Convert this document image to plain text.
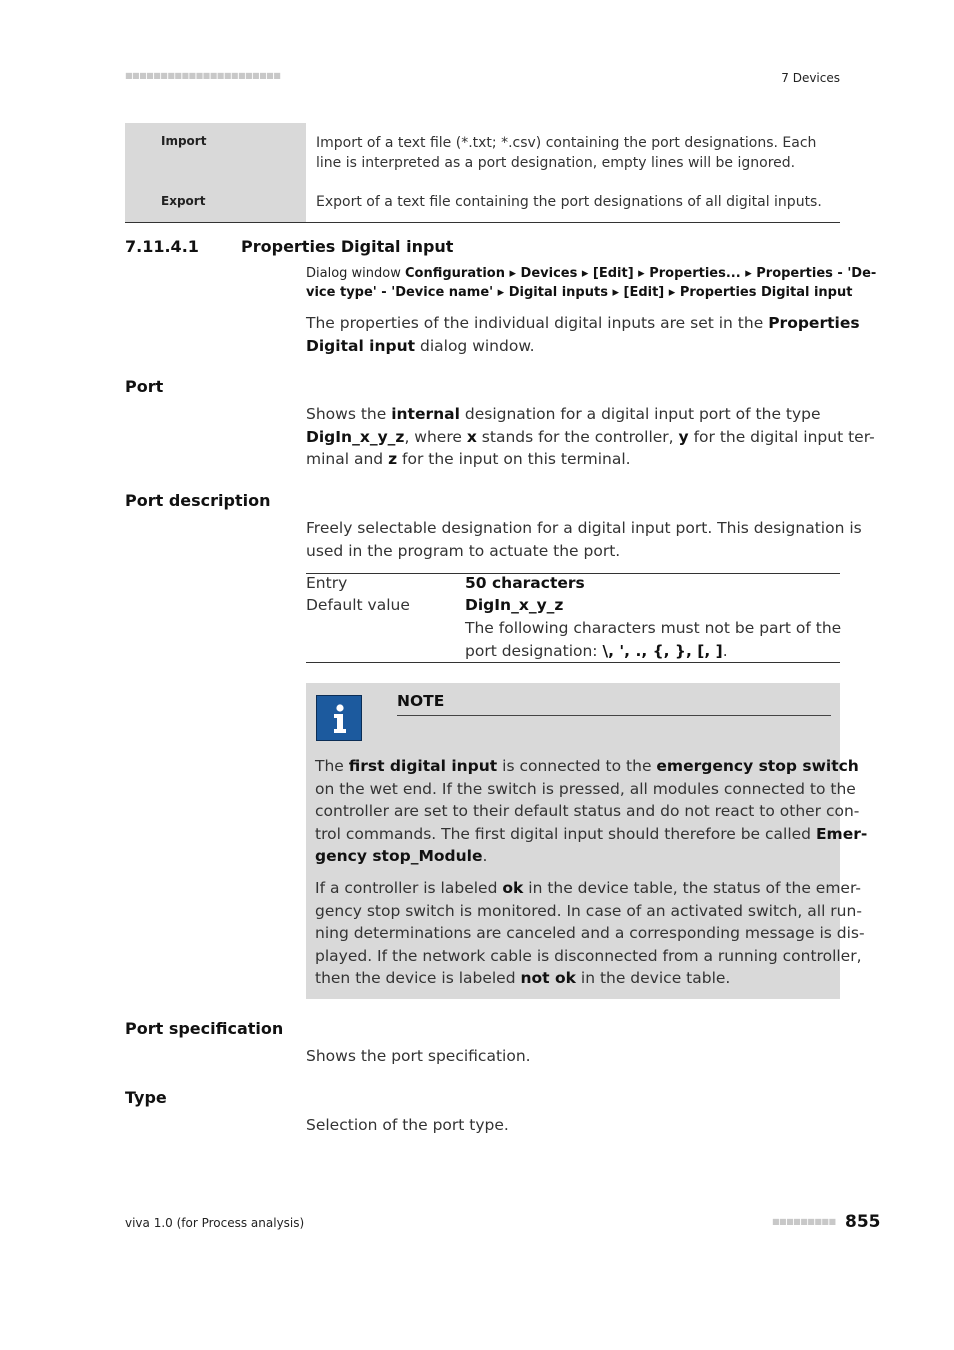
■■■■■■■■■■■■■■■■■■■■■■	7 Devices
Import	Import of a text file (*.txt; *.csv) containing the port designations. Each line is interpreted as a port designation, empty lines will be ignored.
Export	Export of a text file containing the port designations of all digital inputs.
7.11.4.1	Properties Digital input
Dialog window Configuration ▸ Devices ▸ [Edit] ▸ Properties... ▸ Properties - 'De-
vice type' - 'Device name' ▸ Digital inputs ▸ [Edit] ▸ Properties Digital input
The properties of the individual digital inputs are set in the Properties
Digital input dialog window.
Port
Shows the internal designation for a digital input port of the type
DigIn_x_y_z, where x stands for the controller, y for the digital input ter-
minal and z for the input on this terminal.
Port description
Freely selectable designation for a digital input port. This designation is
used in the program to actuate the port.
Entry	50 characters
Default value	DigIn_x_y_z
The following characters must not be part of the
port designation: \, ', ., {, }, [, ].
NOTE
The first digital input is connected to the emergency stop switch
on the wet end. If the switch is pressed, all modules connected to the
controller are set to their default status and do not react to other con-
trol commands. The first digital input should therefore be called Emer-
gency stop_Module.
If a controller is labeled ok in the device table, the status of the emer-
gency stop switch is monitored. In case of an activated switch, all run-
ning determinations are canceled and a corresponding message is dis-
played. If the network cable is disconnected from a running controller,
then the device is labeled not ok in the device table.
Port specification
Shows the port specification.
Type
Selection of the port type.
viva 1.0 (for Process analysis)	■■■■■■■■■ 855
